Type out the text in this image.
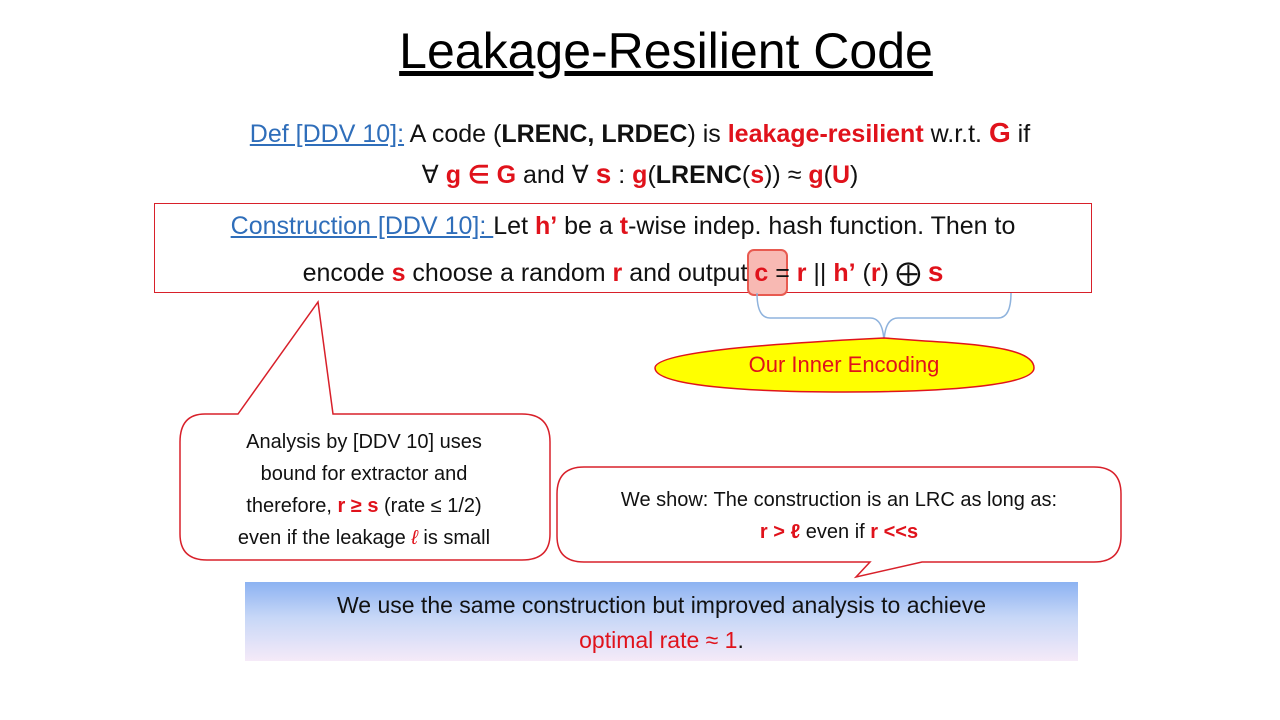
Leakage-Resilient Code
Def [DDV 10]: A code (LRENC, LRDEC) is leakage-resilient w.r.t. G if
∀ g ∈ G and ∀ s : g(LRENC(s)) ≈ g(U)
Construction [DDV 10]: Let h’ be a t-wise indep. hash function. Then to
encode s choose a random r and output c = r || h’ (r) ⨁ s
Our Inner Encoding
Analysis by [DDV 10] uses
bound for extractor and
therefore, r ≥ s (rate ≤ 1/2)
even if the leakage ℓ is small
We show: The construction is an LRC as long as:
r > ℓ even if r <<s
We use the same construction but improved analysis to achieve
optimal rate ≈ 1.
